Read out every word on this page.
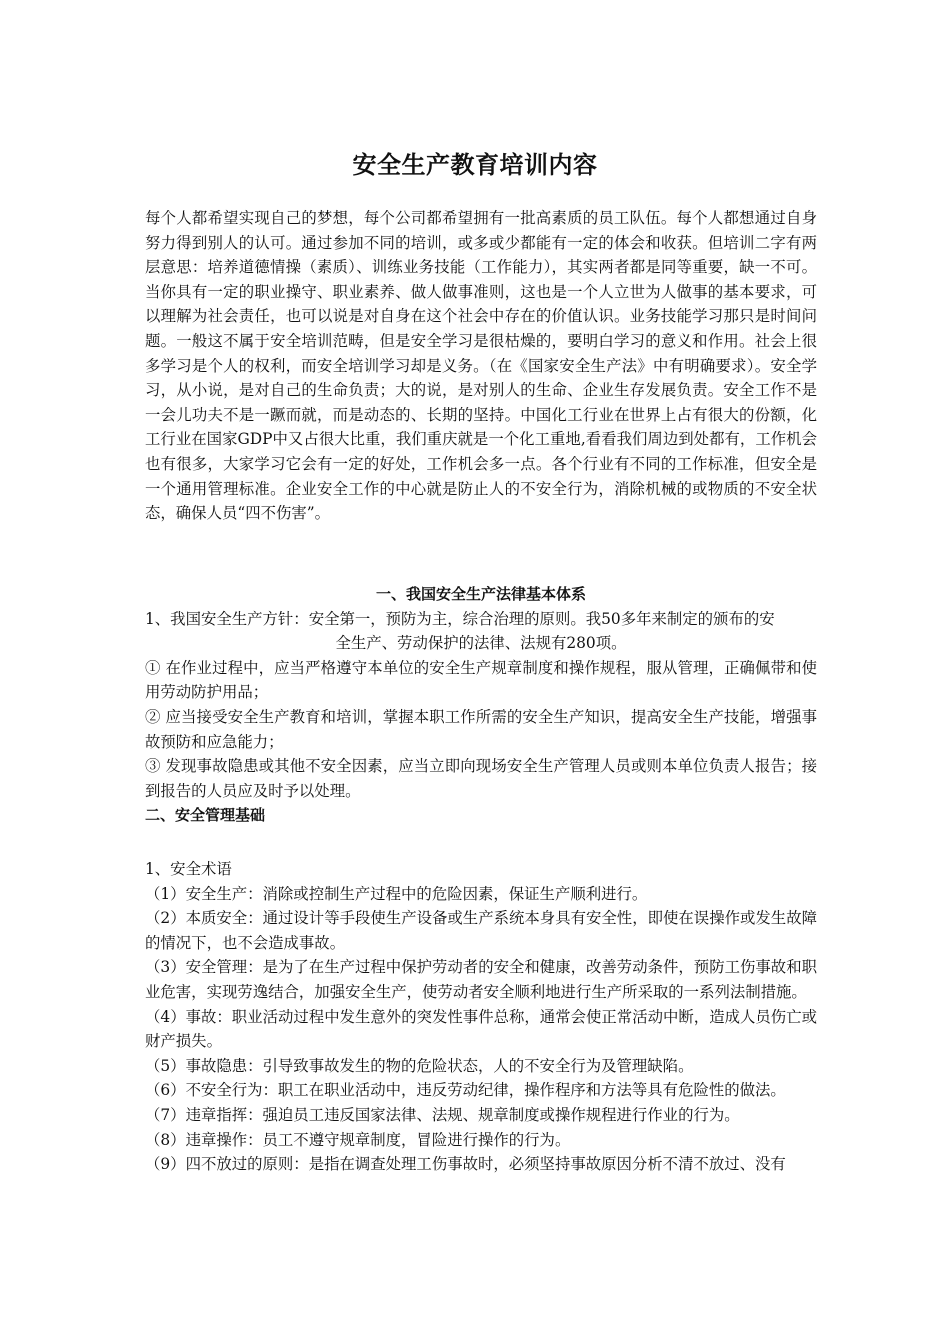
安全生产教育培训内容

每个人都希望实现自己的梦想，每个公司都希望拥有一批高素质的员工队伍。每个人都想通过自身努力得到别人的认可。通过参加不同的培训，或多或少都能有一定的体会和收获。但培训二字有两层意思：培养道德情操（素质）、训练业务技能（工作能力），其实两者都是同等重要，缺一不可。当你具有一定的职业操守、职业素养、做人做事准则，这也是一个人立世为人做事的基本要求，可以理解为社会责任，也可以说是对自身在这个社会中存在的价值认识。业务技能学习那只是时间问题。一般这不属于安全培训范畴，但是安全学习是很枯燥的，要明白学习的意义和作用。社会上很多学习是个人的权利，而安全培训学习却是义务。（在《国家安全生产法》中有明确要求）。安全学习，从小说，是对自己的生命负责；大的说，是对别人的生命、企业生存发展负责。安全工作不是一会儿功夫不是一蹶而就，而是动态的、长期的坚持。中国化工行业在世界上占有很大的份额，化工行业在国家GDP中又占很大比重，我们重庆就是一个化工重地,看看我们周边到处都有，工作机会也有很多，大家学习它会有一定的好处，工作机会多一点。各个行业有不同的工作标准，但安全是一个通用管理标准。企业安全工作的中心就是防止人的不安全行为，消除机械的或物质的不安全状态，确保人员“四不伤害”。

一、我国安全生产法律基本体系

1、我国安全生产方针：安全第一，预防为主，综合治理的原则。我50多年来制定的颁布的安

全生产、劳动保护的法律、法规有280项。

① 在作业过程中，应当严格遵守本单位的安全生产规章制度和操作规程，服从管理，正确佩带和使用劳动防护用品；

② 应当接受安全生产教育和培训，掌握本职工作所需的安全生产知识，提高安全生产技能，增强事故预防和应急能力；

③ 发现事故隐患或其他不安全因素，应当立即向现场安全生产管理人员或则本单位负责人报告；接到报告的人员应及时予以处理。

二、安全管理基础

1、安全术语

（1）安全生产：消除或控制生产过程中的危险因素，保证生产顺利进行。

（2）本质安全：通过设计等手段使生产设备或生产系统本身具有安全性，即使在误操作或发生故障的情况下，也不会造成事故。

（3）安全管理：是为了在生产过程中保护劳动者的安全和健康，改善劳动条件，预防工伤事故和职业危害，实现劳逸结合，加强安全生产，使劳动者安全顺利地进行生产所采取的一系列法制措施。

（4）事故：职业活动过程中发生意外的突发性事件总称，通常会使正常活动中断，造成人员伤亡或财产损失。

（5）事故隐患：引导致事故发生的物的危险状态，人的不安全行为及管理缺陷。

（6）不安全行为：职工在职业活动中，违反劳动纪律，操作程序和方法等具有危险性的做法。

（7）违章指挥：强迫员工违反国家法律、法规、规章制度或操作规程进行作业的行为。

（8）违章操作：员工不遵守规章制度，冒险进行操作的行为。

（9）四不放过的原则：是指在调查处理工伤事故时，必须坚持事故原因分析不清不放过、没有
